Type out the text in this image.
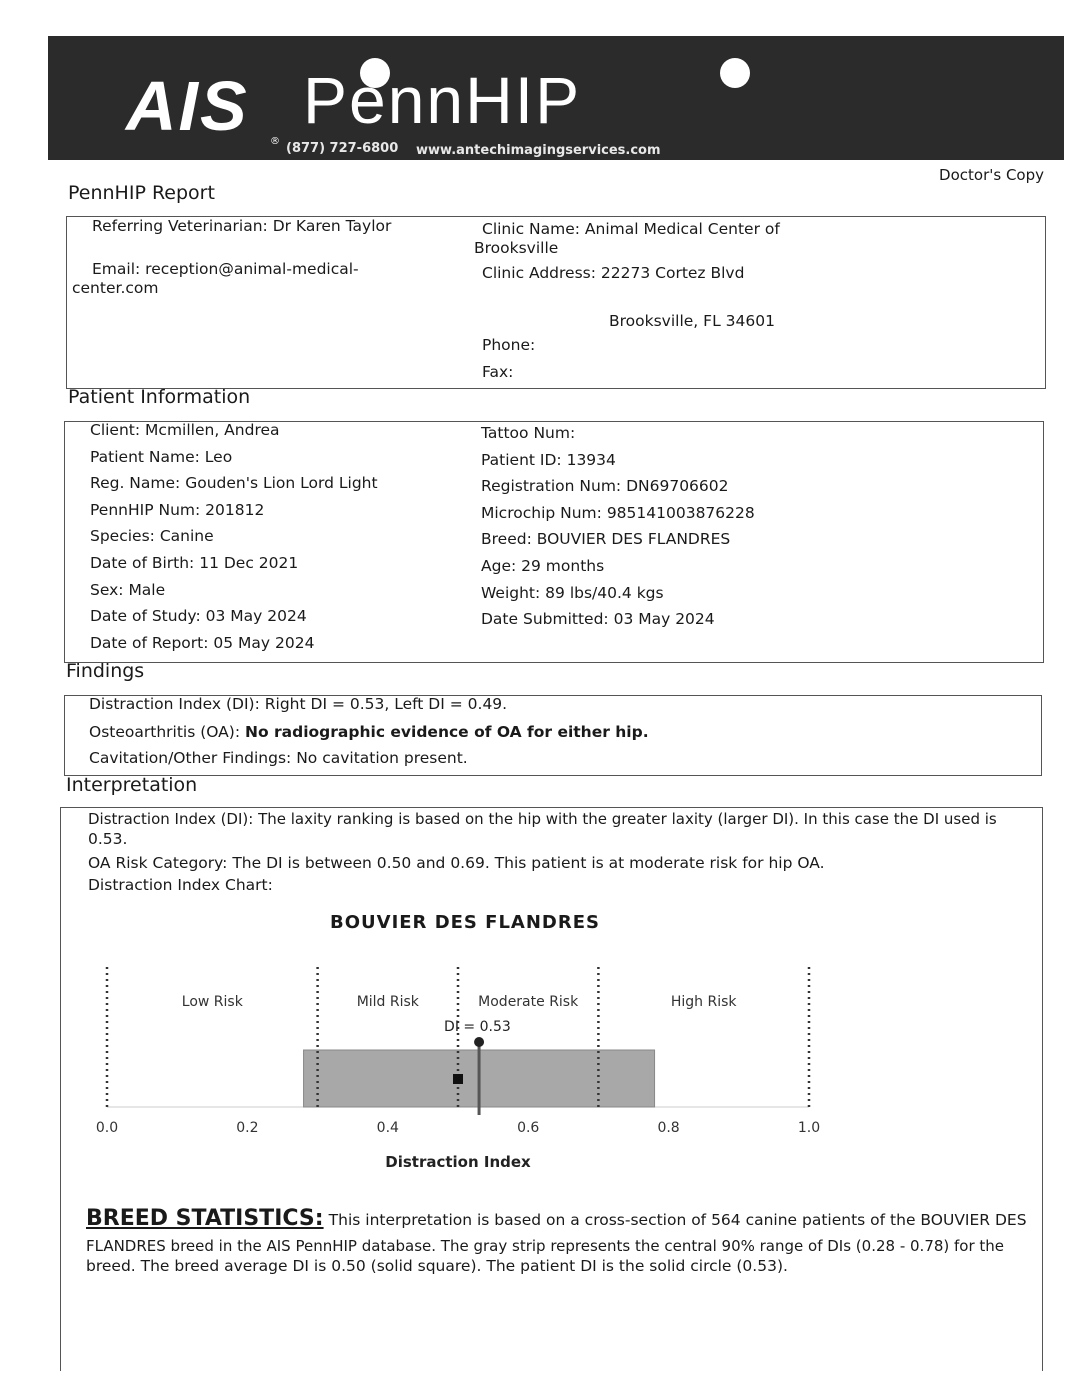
AIS ®
PennHIP
(877) 727-6800 www.antechimagingservices.com
Doctor's Copy
PennHIP Report
Referring Veterinarian: Dr Karen Taylor
Email: reception@animal-medical-
center.com
Clinic Name: Animal Medical Center of
Brooksville
Clinic Address: 22273 Cortez Blvd
Brooksville, FL 34601
Phone:
Fax:
Patient Information
Client: Mcmillen, Andrea
Patient Name: Leo
Reg. Name: Gouden's Lion Lord Light
PennHIP Num: 201812
Species: Canine
Date of Birth: 11 Dec 2021
Sex: Male
Date of Study: 03 May 2024
Date of Report: 05 May 2024
Tattoo Num:
Patient ID: 13934
Registration Num: DN69706602
Microchip Num: 985141003876228
Breed: BOUVIER DES FLANDRES
Age: 29 months
Weight: 89 lbs/40.4 kgs
Date Submitted: 03 May 2024
Findings
Distraction Index (DI): Right DI = 0.53, Left DI = 0.49.
Osteoarthritis (OA): No radiographic evidence of OA for either hip.
Cavitation/Other Findings: No cavitation present.
Interpretation
Distraction Index (DI): The laxity ranking is based on the hip with the greater laxity (larger DI). In this case the DI used is
0.53.
OA Risk Category: The DI is between 0.50 and 0.69. This patient is at moderate risk for hip OA.
Distraction Index Chart:
BOUVIER DES FLANDRES
Low Risk	Mild Risk	Moderate Risk	High Risk
0.0	0.2	0.4	0.6	0.8	1.0
DI = 0.53
Distraction Index
BREED STATISTICS: This interpretation is based on a cross-section of 564 canine patients of the BOUVIER DES
FLANDRES breed in the AIS PennHIP database. The gray strip represents the central 90% range of DIs (0.28 - 0.78) for the
breed. The breed average DI is 0.50 (solid square). The patient DI is the solid circle (0.53).
